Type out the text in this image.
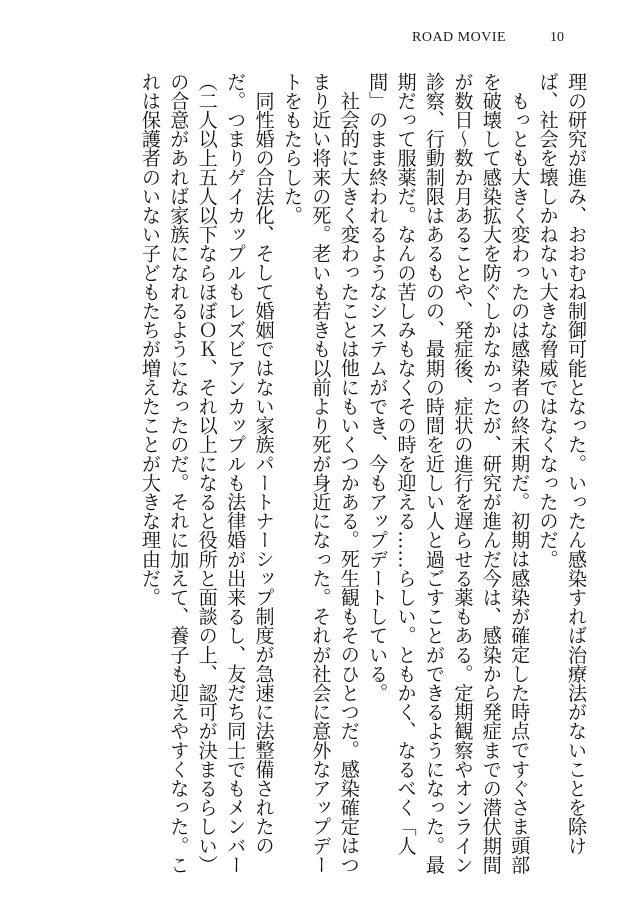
ROAD MOVIE	10

理の研究が進み、おおむね制御可能となった。いったん感染すれば治療法がないことを除けば、社会を壊しかねない大きな脅威ではなくなったのだ。

もっとも大きく変わったのは感染者の終末期だ。初期は感染が確定した時点ですぐさま頭部を破壊して感染拡大を防ぐしかなかったが、研究が進んだ今は、感染から発症までの潜伏期間が数日〜数か月あることや、発症後、症状の進行を遅らせる薬もある。定期観察やオンライン診察、行動制限はあるものの、最期の時間を近しい人と過ごすことができるようになった。最期だって服薬だ。なんの苦しみもなくその時を迎える……らしい。ともかく、なるべく「人間」のまま終われるようなシステムができ、今もアップデートしている。

社会的に大きく変わったことは他にもいくつかある。死生観もそのひとつだ。感染確定はつまり近い将来の死。老いも若きも以前より死が身近になった。それが社会に意外なアップデートをもたらした。

同性婚の合法化、そして婚姻ではない家族パートナーシップ制度が急速に法整備されたのだ。つまりゲイカップルもレズビアンカップルも法律婚が出来るし、友だち同士でもメンバー（二人以上五人以下ならほぼＯＫ、それ以上になると役所と面談の上、認可が決まるらしい）の合意があれば家族になれるようになったのだ。それに加えて、養子も迎えやすくなった。これは保護者のいない子どもたちが増えたことが大きな理由だ。
